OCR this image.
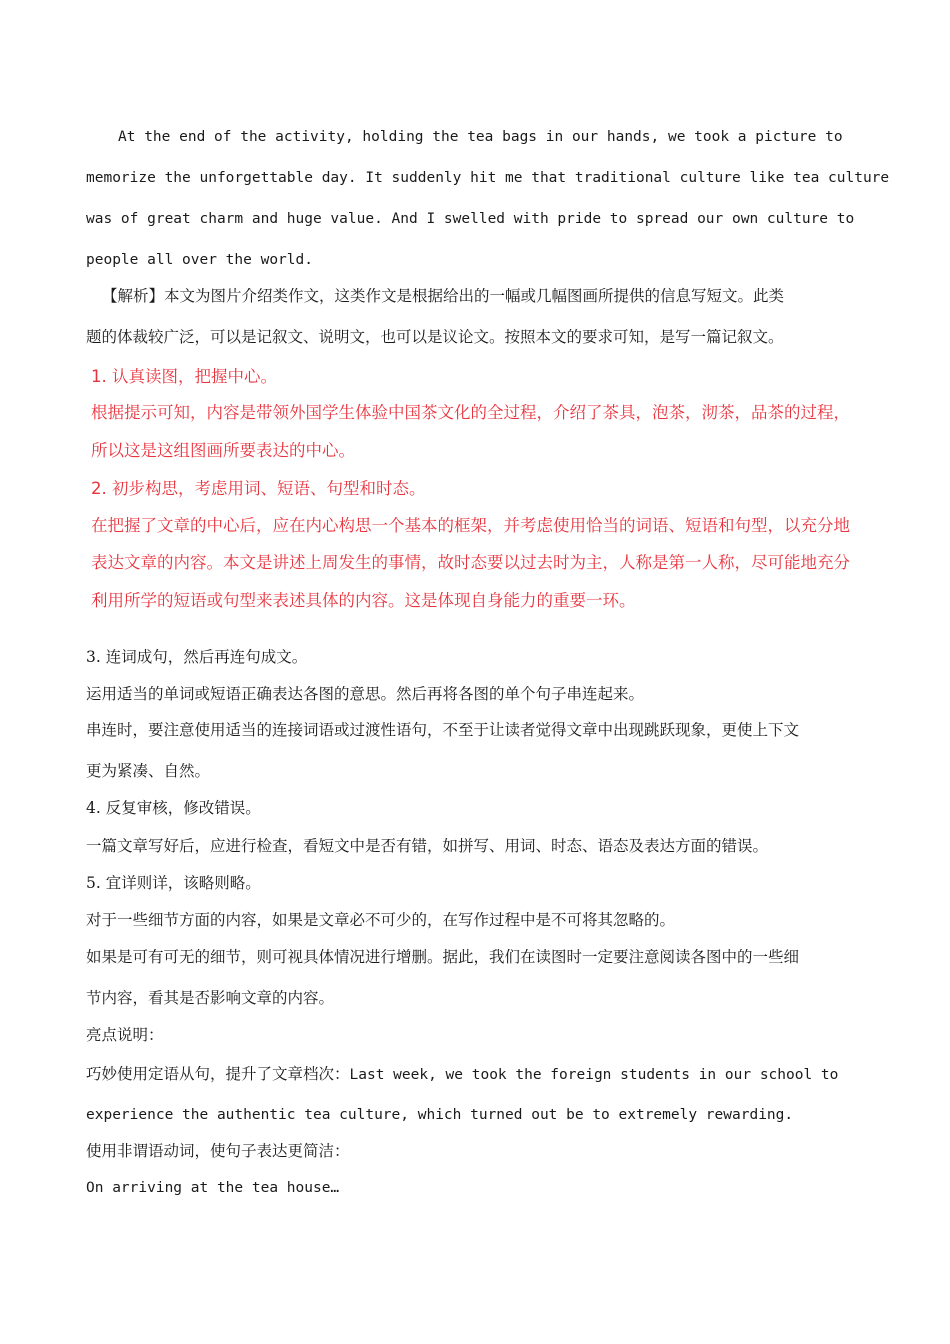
At the end of the activity, holding the tea bags in our hands, we took a picture to
memorize the unforgettable day. It suddenly hit me that traditional culture like tea culture
was of great charm and huge value. And I swelled with pride to spread our own culture to
people all over the world.
【解析】本文为图片介绍类作文，这类作文是根据给出的一幅或几幅图画所提供的信息写短文。此类
题的体裁较广泛，可以是记叙文、说明文，也可以是议论文。按照本文的要求可知，是写一篇记叙文。
1. 认真读图，把握中心。
根据提示可知，内容是带领外国学生体验中国茶文化的全过程，介绍了茶具，泡茶，沏茶，品茶的过程，
所以这是这组图画所要表达的中心。
2. 初步构思，考虑用词、短语、句型和时态。
在把握了文章的中心后，应在内心构思一个基本的框架，并考虑使用恰当的词语、短语和句型，以充分地
表达文章的内容。本文是讲述上周发生的事情，故时态要以过去时为主，人称是第一人称，尽可能地充分
利用所学的短语或句型来表述具体的内容。这是体现自身能力的重要一环。
3. 连词成句，然后再连句成文。
运用适当的单词或短语正确表达各图的意思。然后再将各图的单个句子串连起来。
串连时，要注意使用适当的连接词语或过渡性语句，不至于让读者觉得文章中出现跳跃现象，更使上下文
更为紧凑、自然。
4. 反复审核，修改错误。
一篇文章写好后，应进行检查，看短文中是否有错，如拼写、用词、时态、语态及表达方面的错误。
5. 宜详则详，该略则略。
对于一些细节方面的内容，如果是文章必不可少的，在写作过程中是不可将其忽略的。
如果是可有可无的细节，则可视具体情况进行增删。据此，我们在读图时一定要注意阅读各图中的一些细
节内容，看其是否影响文章的内容。
亮点说明：
巧妙使用定语从句，提升了文章档次：Last week, we took the foreign students in our school to
experience the authentic tea culture, which turned out be to extremely rewarding.
使用非谓语动词，使句子表达更简洁：
On arriving at the tea house…
